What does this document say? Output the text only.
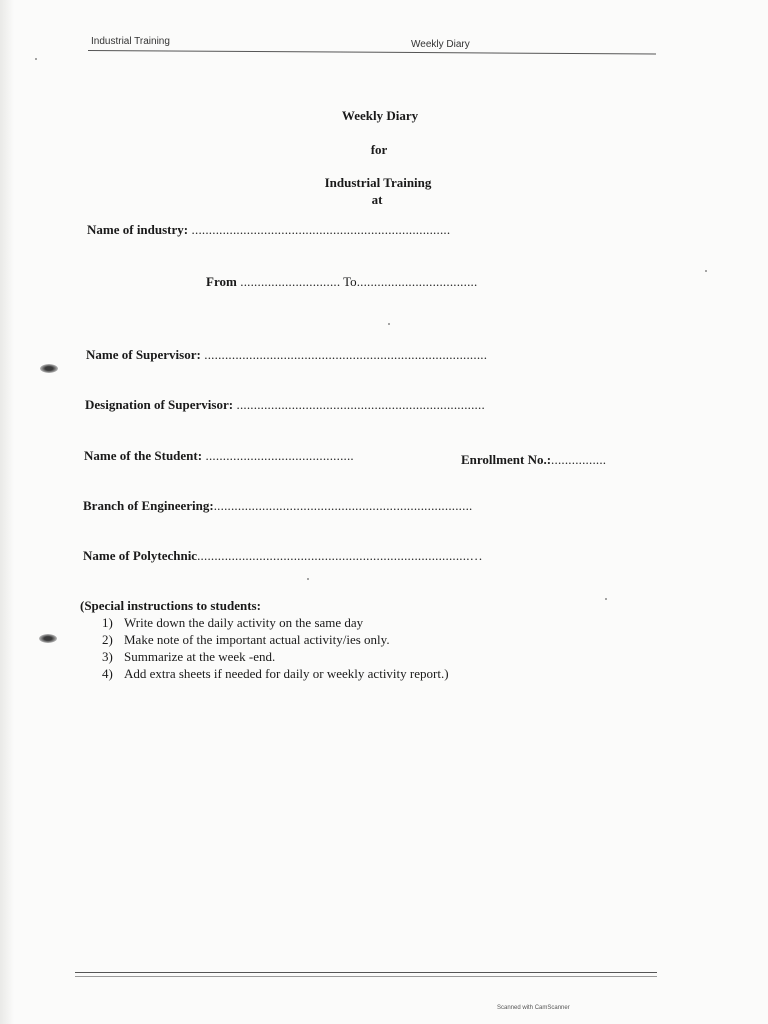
Industrial Training	Weekly Diary
Weekly Diary
for
Industrial Training
at
Name of industry: ...........................................................................
From ............................. To...................................
Name of Supervisor: ..................................................................................
Designation of Supervisor: ........................................................................
Name of the Student: ...........................................	Enrollment No.:................
Branch of Engineering:...........................................................................
Name of Polytechnic...............................................................................…
(Special instructions to students:
1) Write down the daily activity on the same day
2) Make note of the important actual activity/ies only.
3) Summarize at the week -end.
4) Add extra sheets if needed for daily or weekly activity report.)
Scanned with CamScanner
